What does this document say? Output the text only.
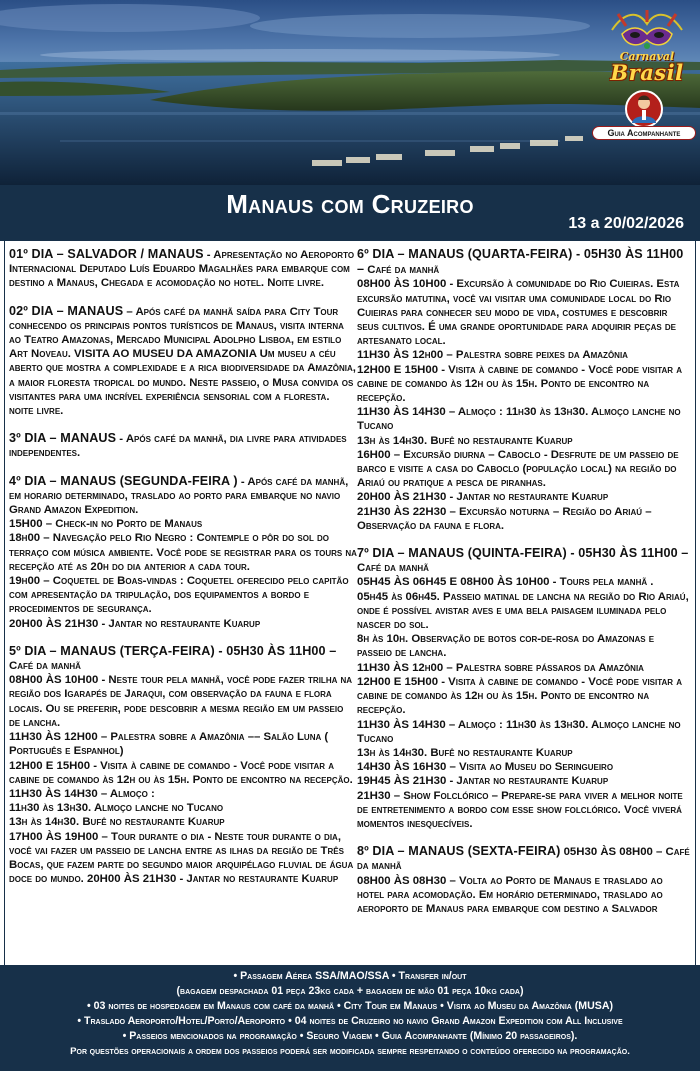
Carnaval
Brasil
Guia Acompanhante
Manaus com Cruzeiro
13 a 20/02/2026

01º DIA – SALVADOR / MANAUS - Apresentação no Aeroporto Internacional Deputado Luís Eduardo Magalhães para embarque com destino a Manaus, Chegada e acomodação no hotel. Noite livre.

02º DIA – MANAUS – Após café da manhã saída para City Tour conhecendo os principais pontos turísticos de Manaus, visita interna ao Teatro Amazonas, Mercado Municipal Adolpho Lisboa, em estilo Art Noveau. VISITA AO MUSEU DA AMAZONIA Um museu a céu aberto que mostra a complexidade e a rica biodiversidade da Amazônia, a maior floresta tropical do mundo. Neste passeio, o Musa convida os visitantes para uma incrível experiência sensorial com a floresta. noite livre.

3º DIA – MANAUS - Após café da manhã, dia livre para atividades independentes.

4º DIA – MANAUS (SEGUNDA-FEIRA ) - Após café da manhã, em horario determinado, traslado ao porto para embarque no navio Grand Amazon Expedition.

15H00 – Check-in no Porto de Manaus

18h00 – Navegação pelo Rio Negro : Contemple o pôr do sol do terraço com música ambiente. Você pode se registrar para os tours na recepção até as 20h do dia anterior a cada tour.

19h00 – Coquetel de Boas-vindas : Coquetel oferecido pelo capitão com apresentação da tripulação, dos equipamentos a bordo e procedimentos de segurança.

20H00 ÀS 21H30 - Jantar no restaurante Kuarup

5º DIA – MANAUS (TERÇA-FEIRA) - 05H30 ÀS 11H00 – Café da manhã

08H00 ÀS 10H00 - Neste tour pela manhã, você pode fazer trilha na região dos Igarapés de Jaraqui, com observação da fauna e flora locais. Ou se preferir, pode descobrir a mesma região em um passeio de lancha.

11H30 ÀS 12H00 – Palestra sobre a Amazônia –– Salão Luna ( Português e Espanhol)

12H00 E 15H00 - Visita à cabine de comando - Você pode visitar a cabine de comando às 12h ou às 15h. Ponto de encontro na recepção.

11H30 ÀS 14H30 – Almoço :

11h30 às 13h30. Almoço lanche no Tucano

13h às 14h30. Bufê no restaurante Kuarup

17H00 ÀS 19H00 – Tour durante o dia - Neste tour durante o dia, você vai fazer um passeio de lancha entre as ilhas da região de Três Bocas, que fazem parte do segundo maior arquipélago fluvial de água doce do mundo. 20H00 ÀS 21H30 - Jantar no restaurante Kuarup

6º DIA – MANAUS (QUARTA-FEIRA) - 05H30 ÀS 11H00 – Café da manhã

08H00 ÀS 10H00 - Excursão à comunidade do Rio Cuieiras. Esta excursão matutina, você vai visitar uma comunidade local do Rio Cuieiras para conhecer seu modo de vida, costumes e descobrir seus cultivos. É uma grande oportunidade para adquirir peças de artesanato local.

11H30 ÀS 12h00 – Palestra sobre peixes da Amazônia

12H00 E 15H00 - Visita à cabine de comando - Você pode visitar a cabine de comando às 12h ou às 15h. Ponto de encontro na recepção.

11H30 ÀS 14H30 – Almoço : 11h30 às 13h30. Almoço lanche no Tucano

13h às 14h30. Bufê no restaurante Kuarup

16H00 – Excursão diurna – Caboclo - Desfrute de um passeio de barco e visite a casa do Caboclo (população local) na região do Ariaú ou pratique a pesca de piranhas.

20H00 ÀS 21H30 - Jantar no restaurante Kuarup

21H30 ÀS 22H30 – Excursão noturna – Região do Ariaú – Observação da fauna e flora.

7º DIA – MANAUS (QUINTA-FEIRA) - 05H30 ÀS 11H00 – Café da manhã

05H45 ÀS 06H45 E 08H00 ÀS 10H00 - Tours pela manhã .

05h45 às 06h45. Passeio matinal de lancha na região do Rio Ariaú, onde é possível avistar aves e uma bela paisagem iluminada pelo nascer do sol.

8h às 10h. Observação de botos cor-de-rosa do Amazonas e passeio de lancha.

11H30 ÀS 12h00 – Palestra sobre pássaros da Amazônia

12H00 E 15H00 - Visita à cabine de comando - Você pode visitar a cabine de comando às 12h ou às 15h. Ponto de encontro na recepção.

11H30 ÀS 14H30 – Almoço : 11h30 às 13h30. Almoço lanche no Tucano

13h às 14h30. Bufê no restaurante Kuarup

14H30 ÀS 16H30 – Visita ao Museu do Seringueiro

19H45 ÀS 21H30 - Jantar no restaurante Kuarup

21H30 – Show Folclórico – Prepare-se para viver a melhor noite de entretenimento a bordo com esse show folclórico. Você viverá momentos inesquecíveis.

8º DIA – MANAUS (SEXTA-FEIRA) 05H30 ÀS 08H00 – Café da manhã

08H00 ÀS 08H30 – Volta ao Porto de Manaus e traslado ao hotel para acomodação. Em horário determinado, traslado ao aeroporto de Manaus para embarque com destino a Salvador

• Passagem Aérea SSA/MAO/SSA • Transfer in/out
(bagagem despachada 01 peça 23kg cada + bagagem de mão 01 peça 10kg cada)
• 03 noites de hospedagem em Manaus com café da manhã • City Tour em Manaus • Visita ao Museu da Amazônia (MUSA)
• Traslado Aeroporto/Hotel/Porto/Aeroporto • 04 noites de Cruzeiro no navio Grand Amazon Expedition com All Inclusive
• Passeios mencionados na programação • Seguro Viagem • Guia Acompanhante (Mínimo 20 passageiros).
Por questões operacionais a ordem dos passeios poderá ser modificada sempre respeitando o conteúdo oferecido na programação.
